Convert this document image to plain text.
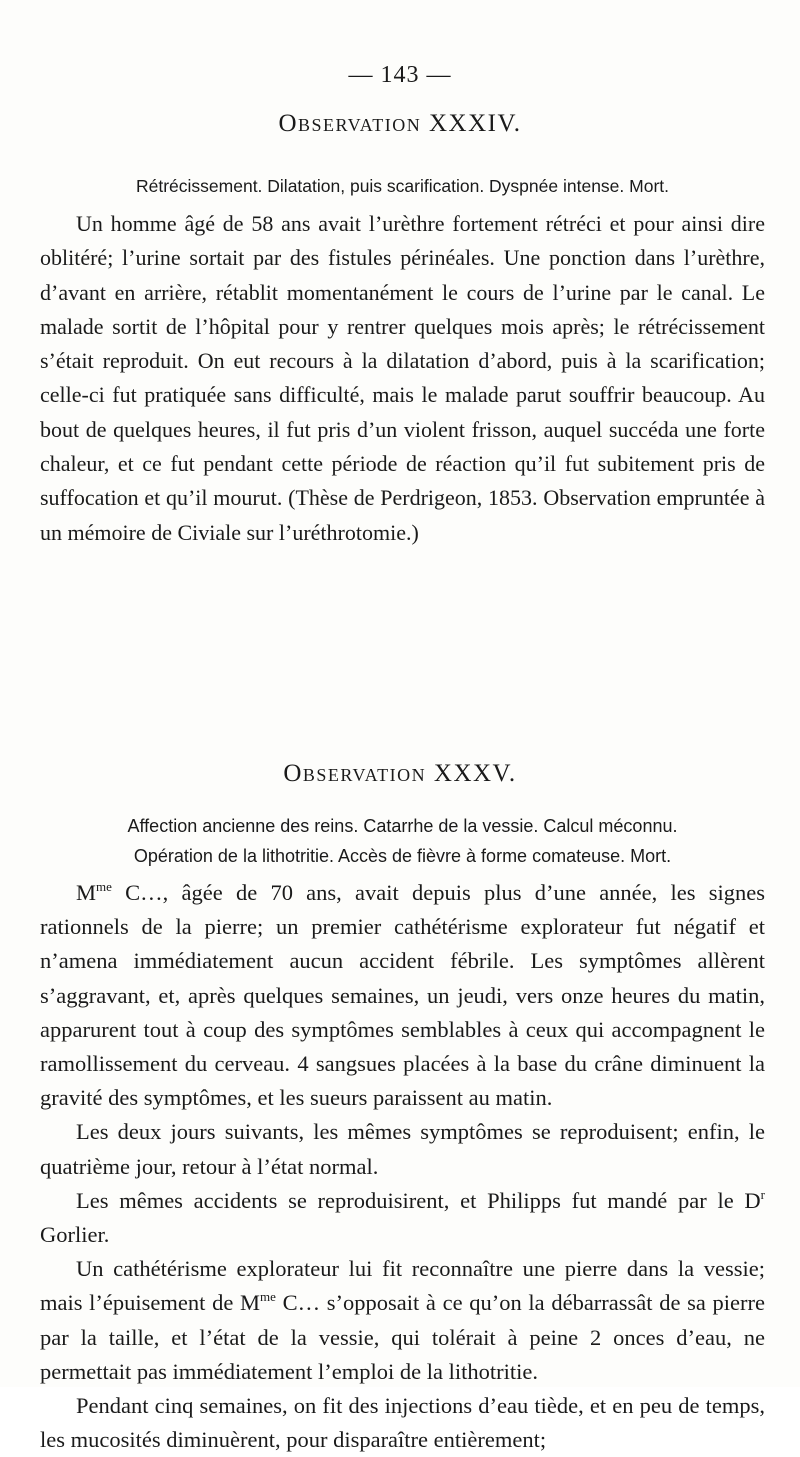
— 143 —
Observation XXXIV.
Rétrécissement. Dilatation, puis scarification. Dyspnée intense. Mort.

Un homme âgé de 58 ans avait l’urèthre fortement rétréci et pour ainsi dire oblitéré; l’urine sortait par des fistules périnéales. Une ponction dans l’urèthre, d’avant en arrière, rétablit momentanément le cours de l’urine par le canal. Le malade sortit de l’hôpital pour y rentrer quelques mois après; le rétrécissement s’était reproduit. On eut recours à la dilatation d’abord, puis à la scarification; celle-ci fut pratiquée sans difficulté, mais le malade parut souffrir beaucoup. Au bout de quelques heures, il fut pris d’un violent frisson, auquel succéda une forte chaleur, et ce fut pendant cette période de réaction qu’il fut subitement pris de suffocation et qu’il mourut. (Thèse de Perdrigeon, 1853. Observation empruntée à un mémoire de Civiale sur l’uréthrotomie.)

Observation XXXV.
Affection ancienne des reins. Catarrhe de la vessie. Calcul méconnu.
Opération de la lithotritie. Accès de fièvre à forme comateuse. Mort.

$M^{me}$ C…, âgée de 70 ans, avait depuis plus d’une année, les signes rationnels de la pierre; un premier cathétérisme explorateur fut négatif et n’amena immédiatement aucun accident fébrile. Les symptômes allèrent s’aggravant, et, après quelques semaines, un jeudi, vers onze heures du matin, apparurent tout à coup des symptômes semblables à ceux qui accompagnent le ramollissement du cerveau. 4 sangsues placées à la base du crâne diminuent la gravité des symptômes, et les sueurs paraissent au matin.

Les deux jours suivants, les mêmes symptômes se reproduisent; enfin, le quatrième jour, retour à l’état normal.

Les mêmes accidents se reproduisirent, et Philipps fut mandé par le $D^r$ Gorlier.

Un cathétérisme explorateur lui fit reconnaître une pierre dans la vessie; mais l’épuisement de $M^{me}$ C… s’opposait à ce qu’on la débarrassât de sa pierre par la taille, et l’état de la vessie, qui tolérait à peine 2 onces d’eau, ne permettait pas immédiatement l’emploi de la lithotritie.

Pendant cinq semaines, on fit des injections d’eau tiède, et en peu de temps, les mucosités diminuèrent, pour disparaître entièrement;
